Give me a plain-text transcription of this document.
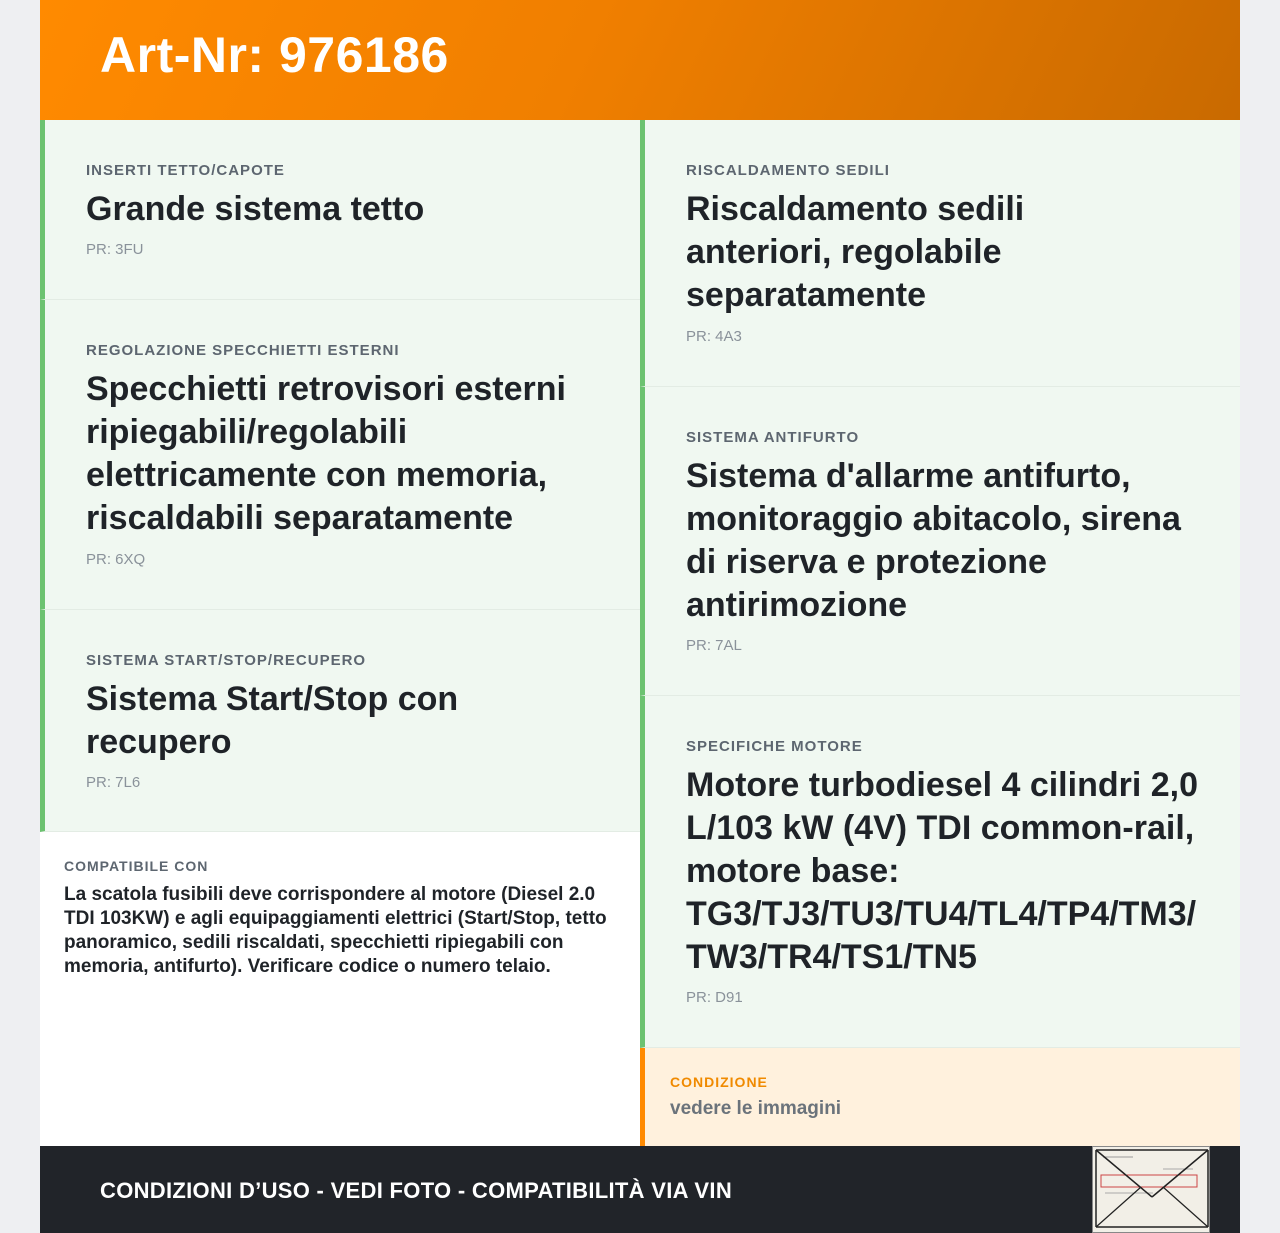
Art-Nr: 976186
INSERTI TETTO/CAPOTE
Grande sistema tetto
PR: 3FU
REGOLAZIONE SPECCHIETTI ESTERNI
Specchietti retrovisori esterni ripiegabili/regolabili elettricamente con memoria, riscaldabili separatamente
PR: 6XQ
SISTEMA START/STOP/RECUPERO
Sistema Start/Stop con recupero
PR: 7L6
COMPATIBILE CON
La scatola fusibili deve corrispondere al motore (Diesel 2.0 TDI 103KW) e agli equipaggiamenti elettrici (Start/Stop, tetto panoramico, sedili riscaldati, specchietti ripiegabili con memoria, antifurto). Verificare codice o numero telaio.
RISCALDAMENTO SEDILI
Riscaldamento sedili anteriori, regolabile separatamente
PR: 4A3
SISTEMA ANTIFURTO
Sistema d'allarme antifurto, monitoraggio abitacolo, sirena di riserva e protezione antirimozione
PR: 7AL
SPECIFICHE MOTORE
Motore turbodiesel 4 cilindri 2,0 L/103 kW (4V) TDI common-rail, motore base: TG3/TJ3/TU3/TU4/TL4/TP4/TM3/TW3/TR4/TS1/TN5
PR: D91
CONDIZIONE
vedere le immagini
CONDIZIONI D’USO - VEDI FOTO - COMPATIBILITÀ VIA VIN
